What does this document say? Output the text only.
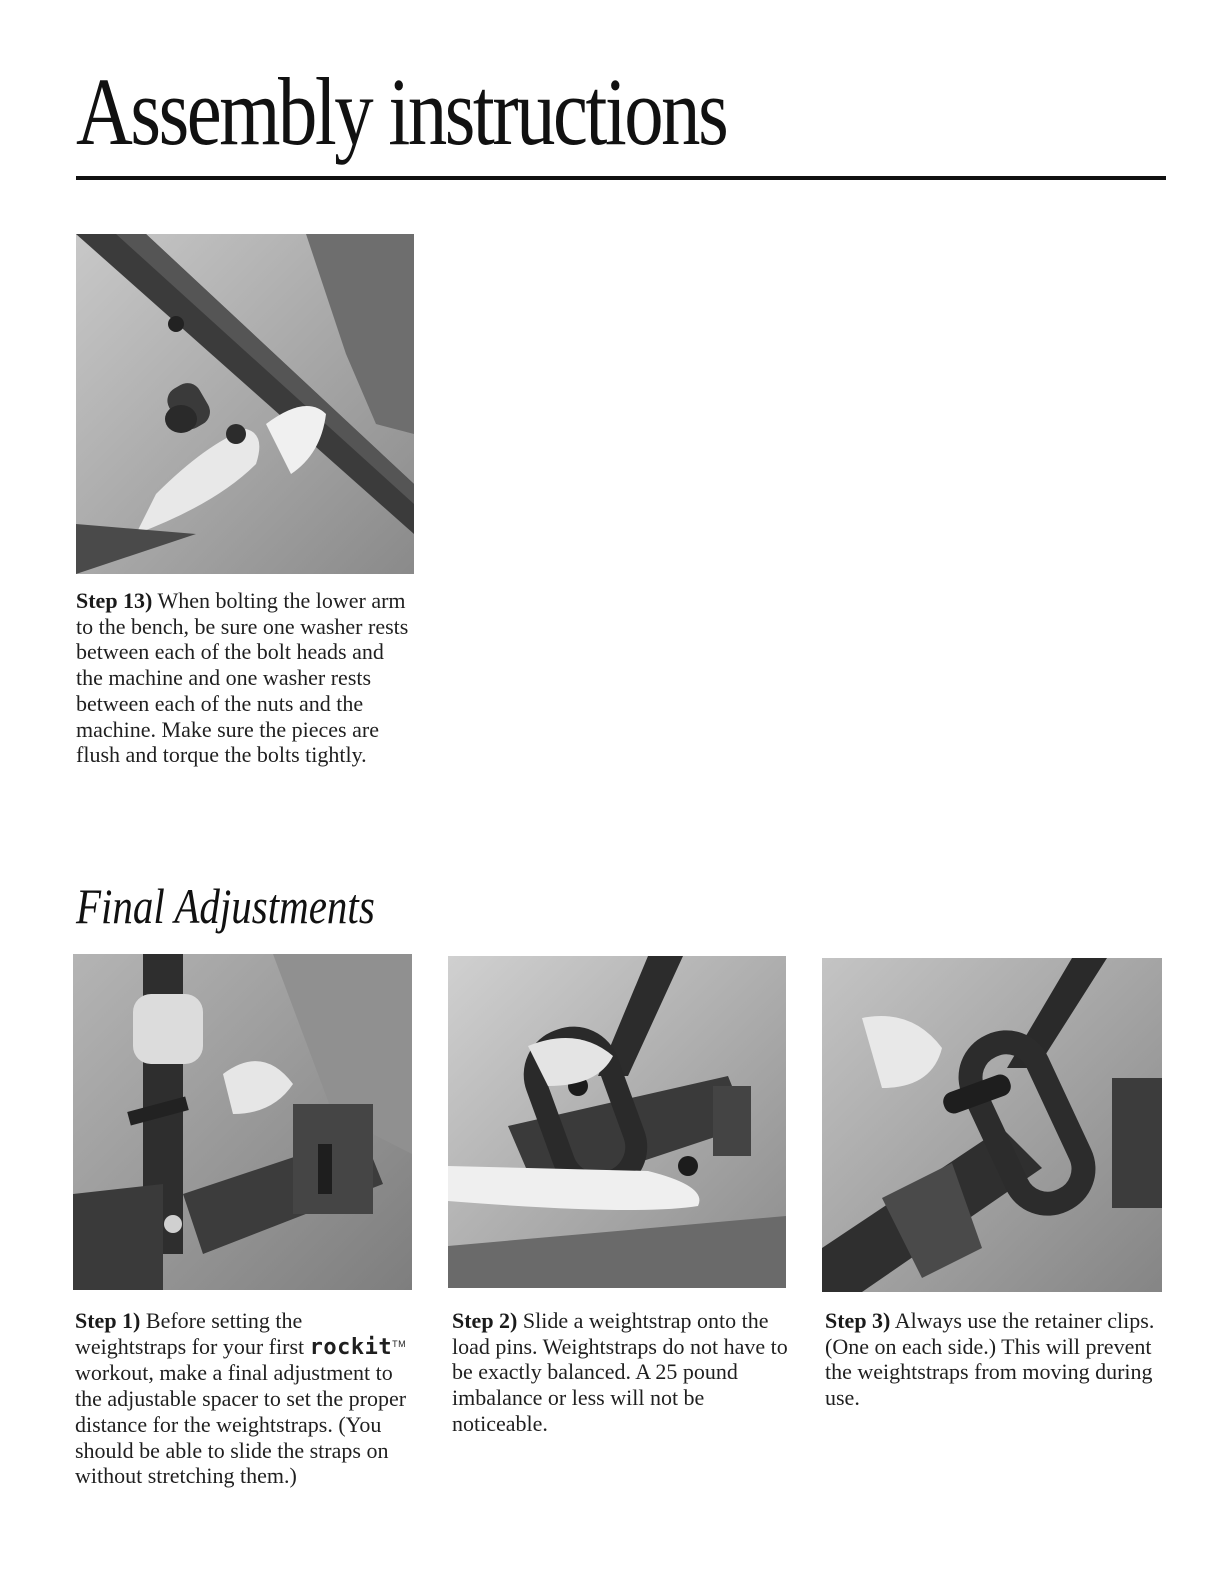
Assembly instructions

Step 13) When bolting the lower arm to the bench, be sure one washer rests between each of the bolt heads and the machine and one washer rests between each of the nuts and the machine. Make sure the pieces are flush and torque the bolts tightly.

Final Adjustments

Step 1) Before setting the weightstraps for your first rockit™ workout, make a final adjustment to the adjustable spacer to set the proper distance for the weightstraps. (You should be able to slide the straps on without stretching them.)

Step 2) Slide a weightstrap onto the load pins. Weightstraps do not have to be exactly balanced. A 25 pound imbalance or less will not be noticeable.

Step 3) Always use the retainer clips. (One on each side.) This will prevent the weightstraps from moving during use.
